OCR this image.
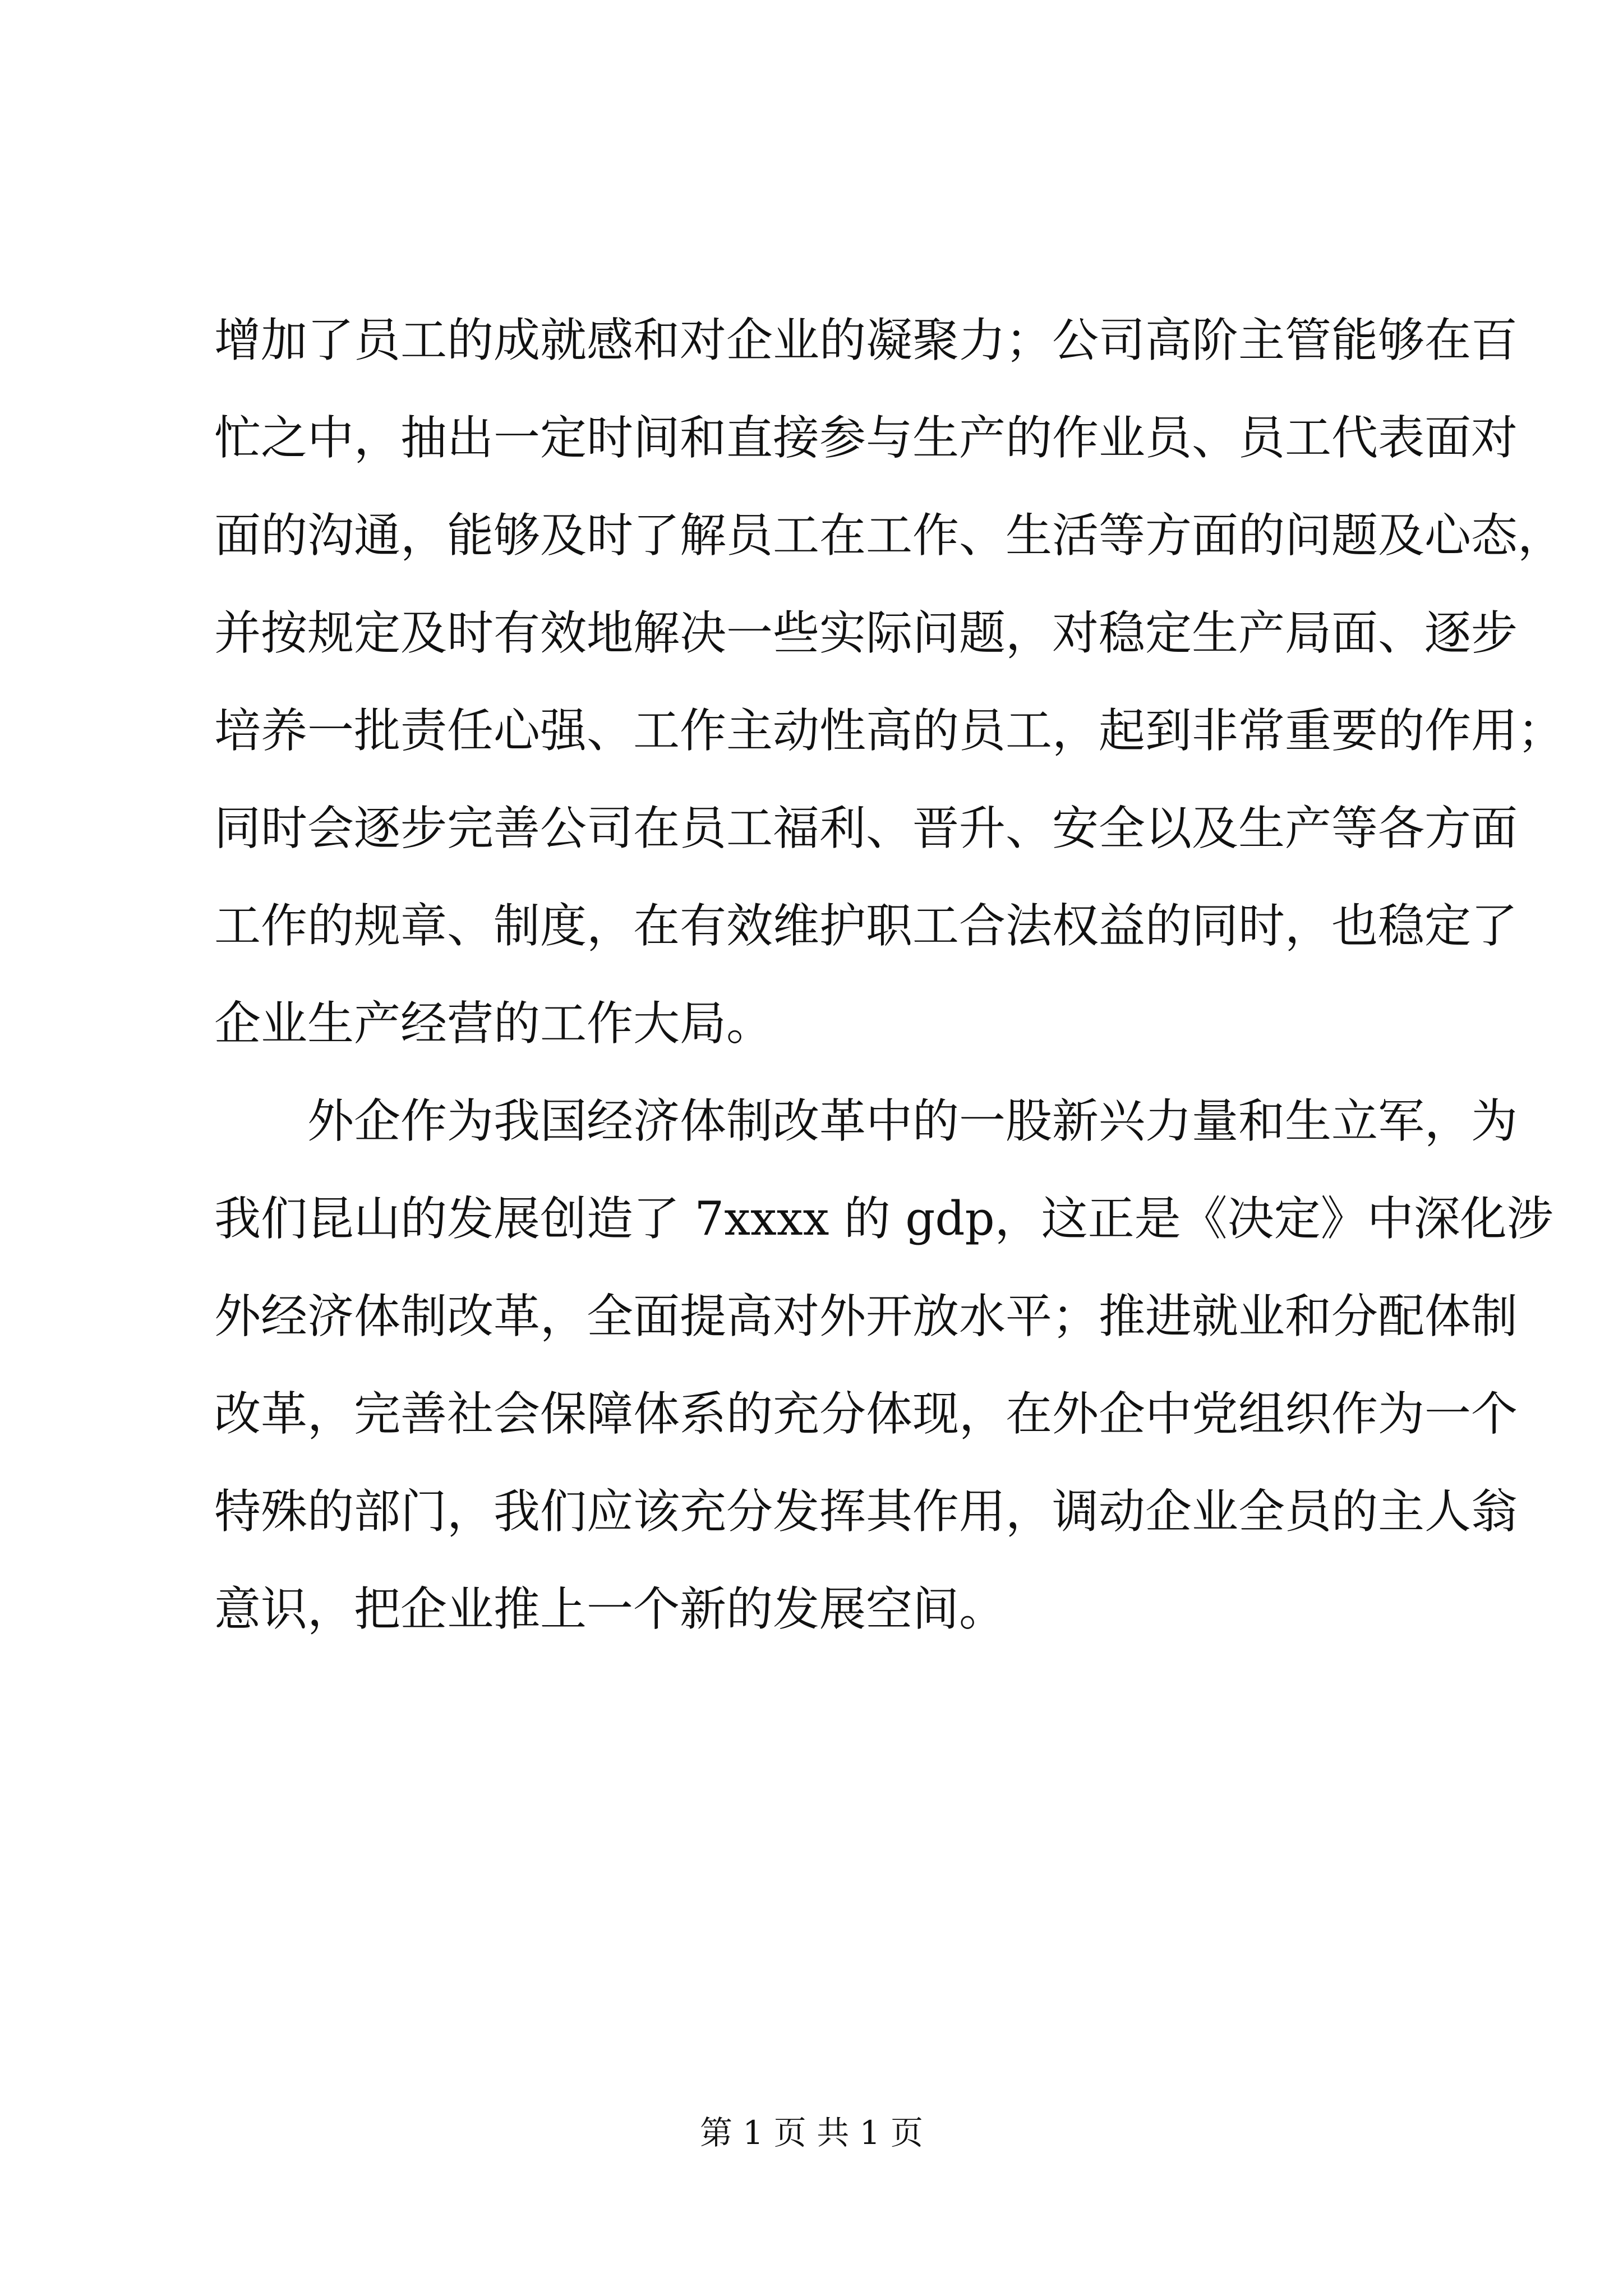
增加了员工的成就感和对企业的凝聚力；公司高阶主管能够在百
忙之中，抽出一定时间和直接参与生产的作业员、员工代表面对
面的沟通，能够及时了解员工在工作、生活等方面的问题及心态，
并按规定及时有效地解决一些实际问题，对稳定生产局面、逐步
培养一批责任心强、工作主动性高的员工，起到非常重要的作用；
同时会逐步完善公司在员工福利、晋升、安全以及生产等各方面
工作的规章、制度，在有效维护职工合法权益的同时，也稳定了
企业生产经营的工作大局。
外企作为我国经济体制改革中的一股新兴力量和生立军，为
我们昆山的发展创造了 7xxxx 的 gdp，这正是《决定》中深化涉
外经济体制改革，全面提高对外开放水平；推进就业和分配体制
改革，完善社会保障体系的充分体现，在外企中党组织作为一个
特殊的部门，我们应该充分发挥其作用，调动企业全员的主人翁
意识，把企业推上一个新的发展空间。
第 1 页 共 1 页
